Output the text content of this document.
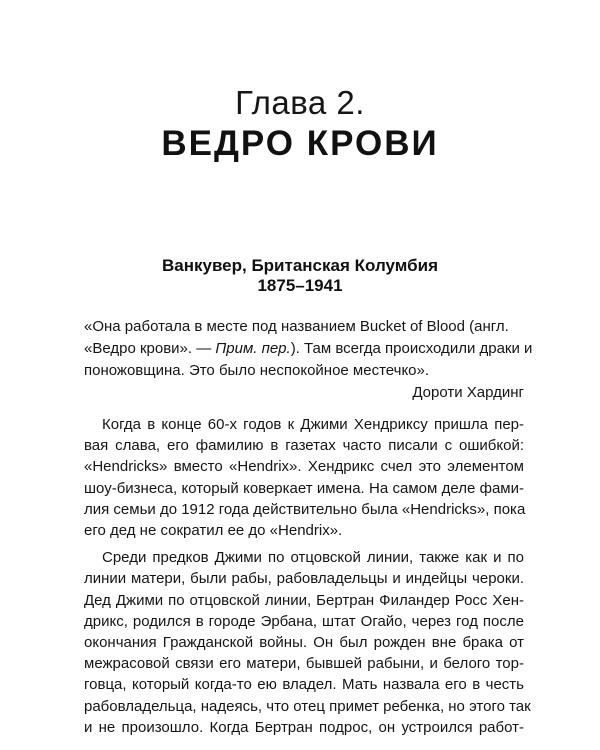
Глава 2.
ВЕДРО КРОВИ
Ванкувер, Британская Колумбия
1875–1941
«Она работала в месте под названием Bucket of Blood (англ.
«Ведро крови». — Прим. пер.). Там всегда происходили драки и
поножовщина. Это было неспокойное местечко».
Дороти Хардинг
Когда в конце 60-х годов к Джими Хендриксу пришла пер-
вая слава, его фамилию в газетах часто писали с ошибкой:
«Hendricks» вместо «Hendrix». Хендрикс счел это элементом
шоу-бизнеса, который коверкает имена. На самом деле фами-
лия семьи до 1912 года действительно была «Hendricks», пока
его дед не сократил ее до «Hendrix».
Среди предков Джими по отцовской линии, также как и по
линии матери, были рабы, рабовладельцы и индейцы чероки.
Дед Джими по отцовской линии, Бертран Филандер Росс Хен-
дрикс, родился в городе Эрбана, штат Огайо, через год после
окончания Гражданской войны. Он был рожден вне брака от
межрасовой связи его матери, бывшей рабыни, и белого тор-
говца, который когда-то ею владел. Мать назвала его в честь
рабовладельца, надеясь, что отец примет ребенка, но этого так
и не произошло. Когда Бертран подрос, он устроился работ-
